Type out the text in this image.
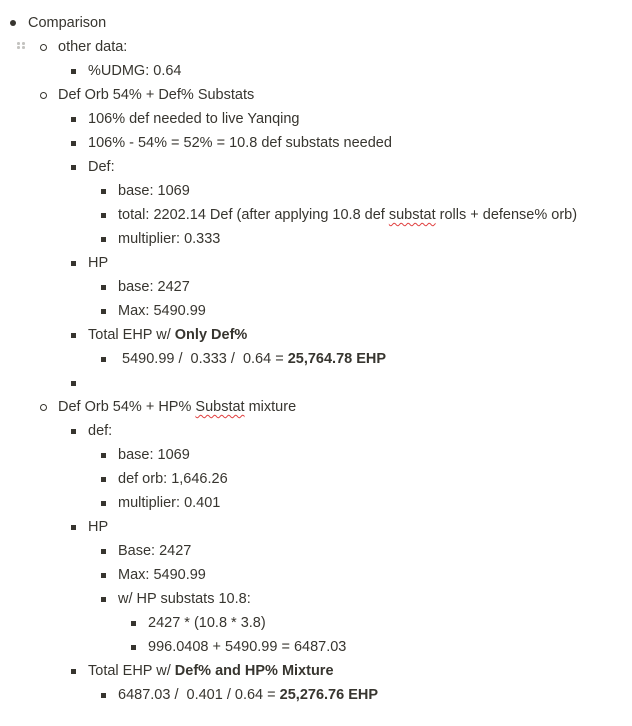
Comparison
other data:
%UDMG: 0.64
Def Orb 54% + Def% Substats
106% def needed to live Yanqing
106% - 54% = 52% = 10.8 def substats needed
Def:
base: 1069
total: 2202.14 Def (after applying 10.8 def substat rolls + defense% orb)
multiplier: 0.333
HP
base: 2427
Max: 5490.99
Total EHP w/ Only Def%
5490.99 /  0.333 /  0.64 = 25,764.78 EHP
Def Orb 54% + HP% Substat mixture
def:
base: 1069
def orb: 1,646.26
multiplier: 0.401
HP
Base: 2427
Max: 5490.99
w/ HP substats 10.8:
2427 * (10.8 * 3.8)
996.0408 + 5490.99 = 6487.03
Total EHP w/ Def% and HP% Mixture
6487.03 /  0.401 / 0.64 = 25,276.76 EHP
